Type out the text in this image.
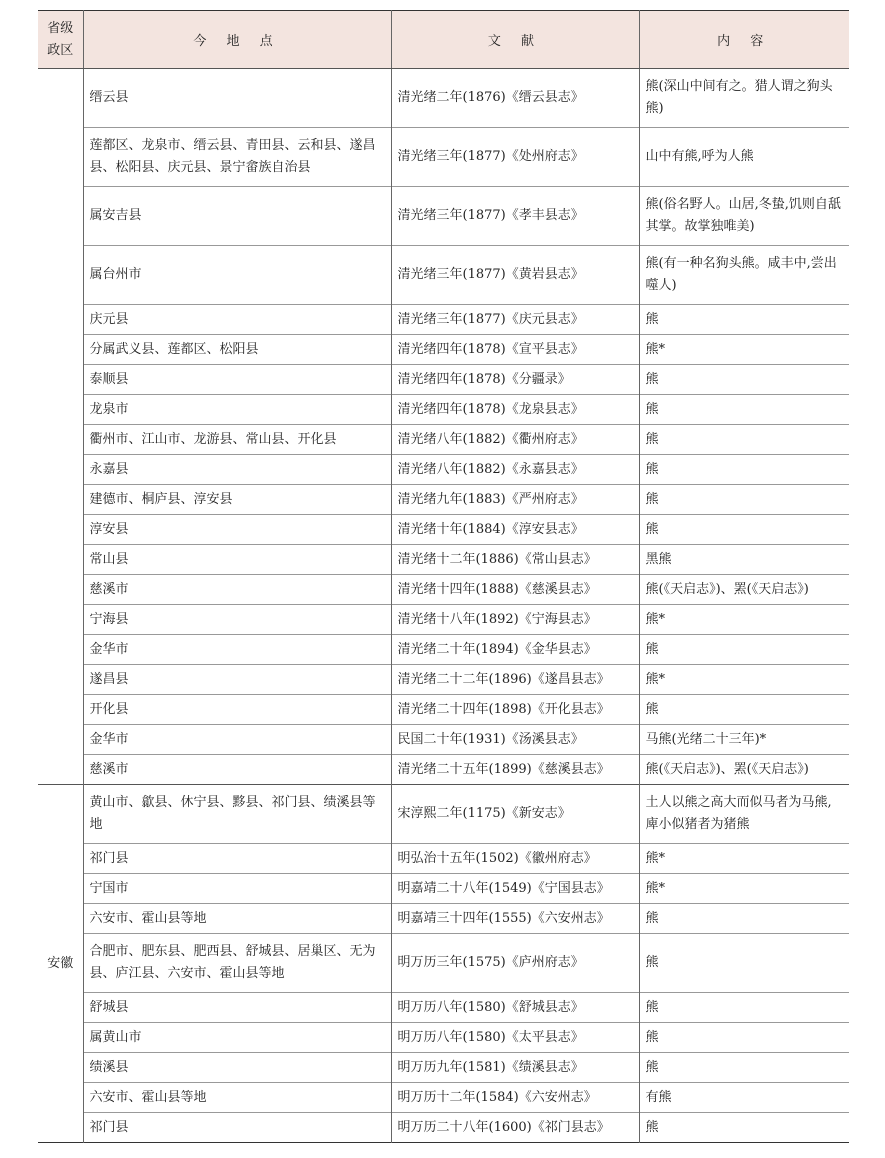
省级
政区	今 地 点	文 献	内 容
	缙云县	清光绪二年(1876)《缙云县志》	熊(深山中间有之。猎人谓之狗头熊)
	莲都区、龙泉市、缙云县、青田县、云和县、遂昌县、松阳县、庆元县、景宁畲族自治县	清光绪三年(1877)《处州府志》	山中有熊,呼为人熊
	属安吉县	清光绪三年(1877)《孝丰县志》	熊(俗名野人。山居,冬蛰,饥则自舐其掌。故掌独唯美)
	属台州市	清光绪三年(1877)《黄岩县志》	熊(有一种名狗头熊。咸丰中,尝出噬人)
	庆元县	清光绪三年(1877)《庆元县志》	熊
	分属武义县、莲都区、松阳县	清光绪四年(1878)《宣平县志》	熊*
	泰顺县	清光绪四年(1878)《分疆录》	熊
	龙泉市	清光绪四年(1878)《龙泉县志》	熊
	衢州市、江山市、龙游县、常山县、开化县	清光绪八年(1882)《衢州府志》	熊
	永嘉县	清光绪八年(1882)《永嘉县志》	熊
	建德市、桐庐县、淳安县	清光绪九年(1883)《严州府志》	熊
	淳安县	清光绪十年(1884)《淳安县志》	熊
	常山县	清光绪十二年(1886)《常山县志》	黑熊
	慈溪市	清光绪十四年(1888)《慈溪县志》	熊(《天启志》)、罴(《天启志》)
	宁海县	清光绪十八年(1892)《宁海县志》	熊*
	金华市	清光绪二十年(1894)《金华县志》	熊
	遂昌县	清光绪二十二年(1896)《遂昌县志》	熊*
	开化县	清光绪二十四年(1898)《开化县志》	熊
	金华市	民国二十年(1931)《汤溪县志》	马熊(光绪二十三年)*
	慈溪市	清光绪二十五年(1899)《慈溪县志》	熊(《天启志》)、罴(《天启志》)
安徽	黄山市、歙县、休宁县、黟县、祁门县、绩溪县等地	宋淳熙二年(1175)《新安志》	土人以熊之高大而似马者为马熊,庳小似猪者为猪熊
	祁门县	明弘治十五年(1502)《徽州府志》	熊*
	宁国市	明嘉靖二十八年(1549)《宁国县志》	熊*
	六安市、霍山县等地	明嘉靖三十四年(1555)《六安州志》	熊
	合肥市、肥东县、肥西县、舒城县、居巢区、无为县、庐江县、六安市、霍山县等地	明万历三年(1575)《庐州府志》	熊
	舒城县	明万历八年(1580)《舒城县志》	熊
	属黄山市	明万历八年(1580)《太平县志》	熊
	绩溪县	明万历九年(1581)《绩溪县志》	熊
	六安市、霍山县等地	明万历十二年(1584)《六安州志》	有熊
	祁门县	明万历二十八年(1600)《祁门县志》	熊
